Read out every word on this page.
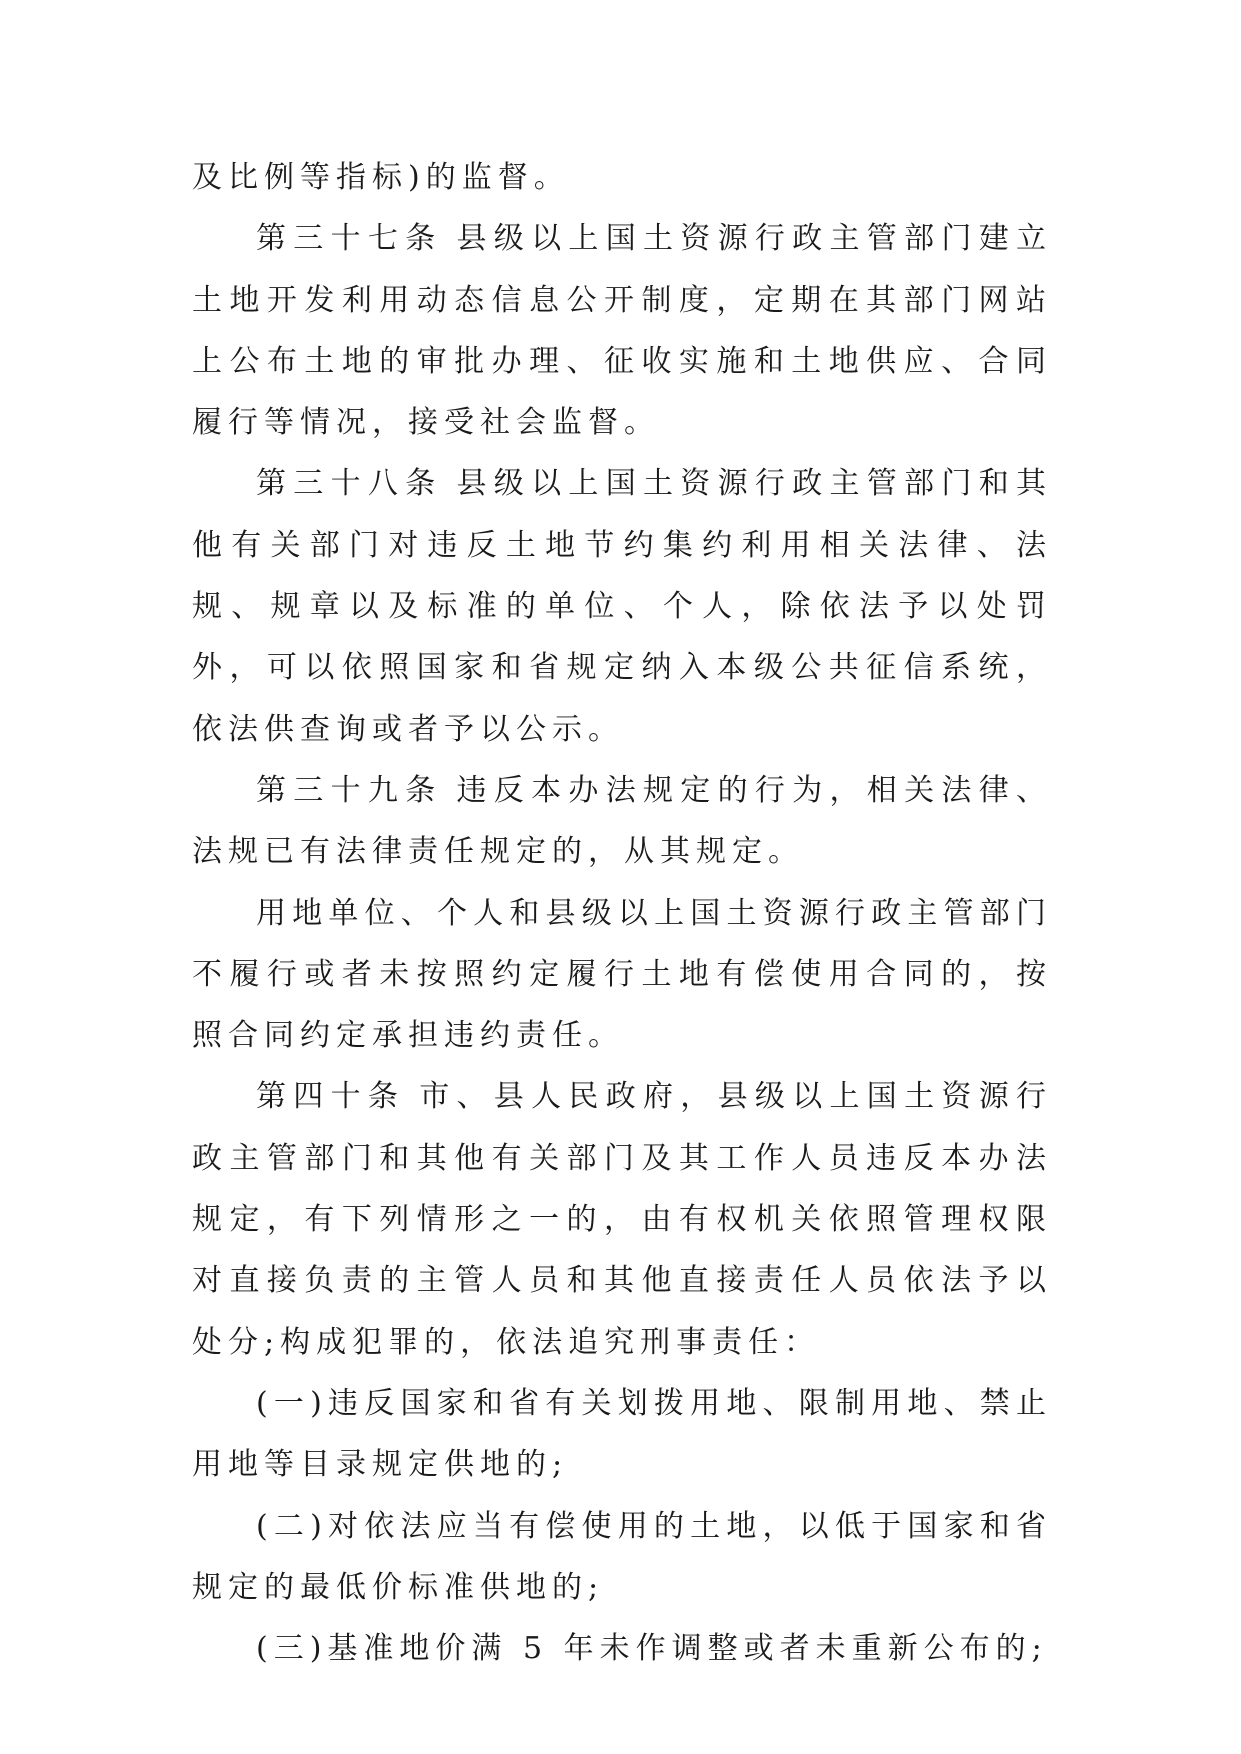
及比例等指标)的监督。

第三十七条 县级以上国土资源行政主管部门建立土地开发利用动态信息公开制度，定期在其部门网站上公布土地的审批办理、征收实施和土地供应、合同履行等情况，接受社会监督。

第三十八条 县级以上国土资源行政主管部门和其他有关部门对违反土地节约集约利用相关法律、法规、规章以及标准的单位、个人，除依法予以处罚外，可以依照国家和省规定纳入本级公共征信系统，依法供查询或者予以公示。

第三十九条 违反本办法规定的行为，相关法律、法规已有法律责任规定的，从其规定。

用地单位、个人和县级以上国土资源行政主管部门不履行或者未按照约定履行土地有偿使用合同的，按照合同约定承担违约责任。

第四十条 市、县人民政府，县级以上国土资源行政主管部门和其他有关部门及其工作人员违反本办法规定，有下列情形之一的，由有权机关依照管理权限对直接负责的主管人员和其他直接责任人员依法予以处分;构成犯罪的，依法追究刑事责任：

(一)违反国家和省有关划拨用地、限制用地、禁止用地等目录规定供地的;

(二)对依法应当有偿使用的土地，以低于国家和省规定的最低价标准供地的;

(三)基准地价满 5 年未作调整或者未重新公布的;
